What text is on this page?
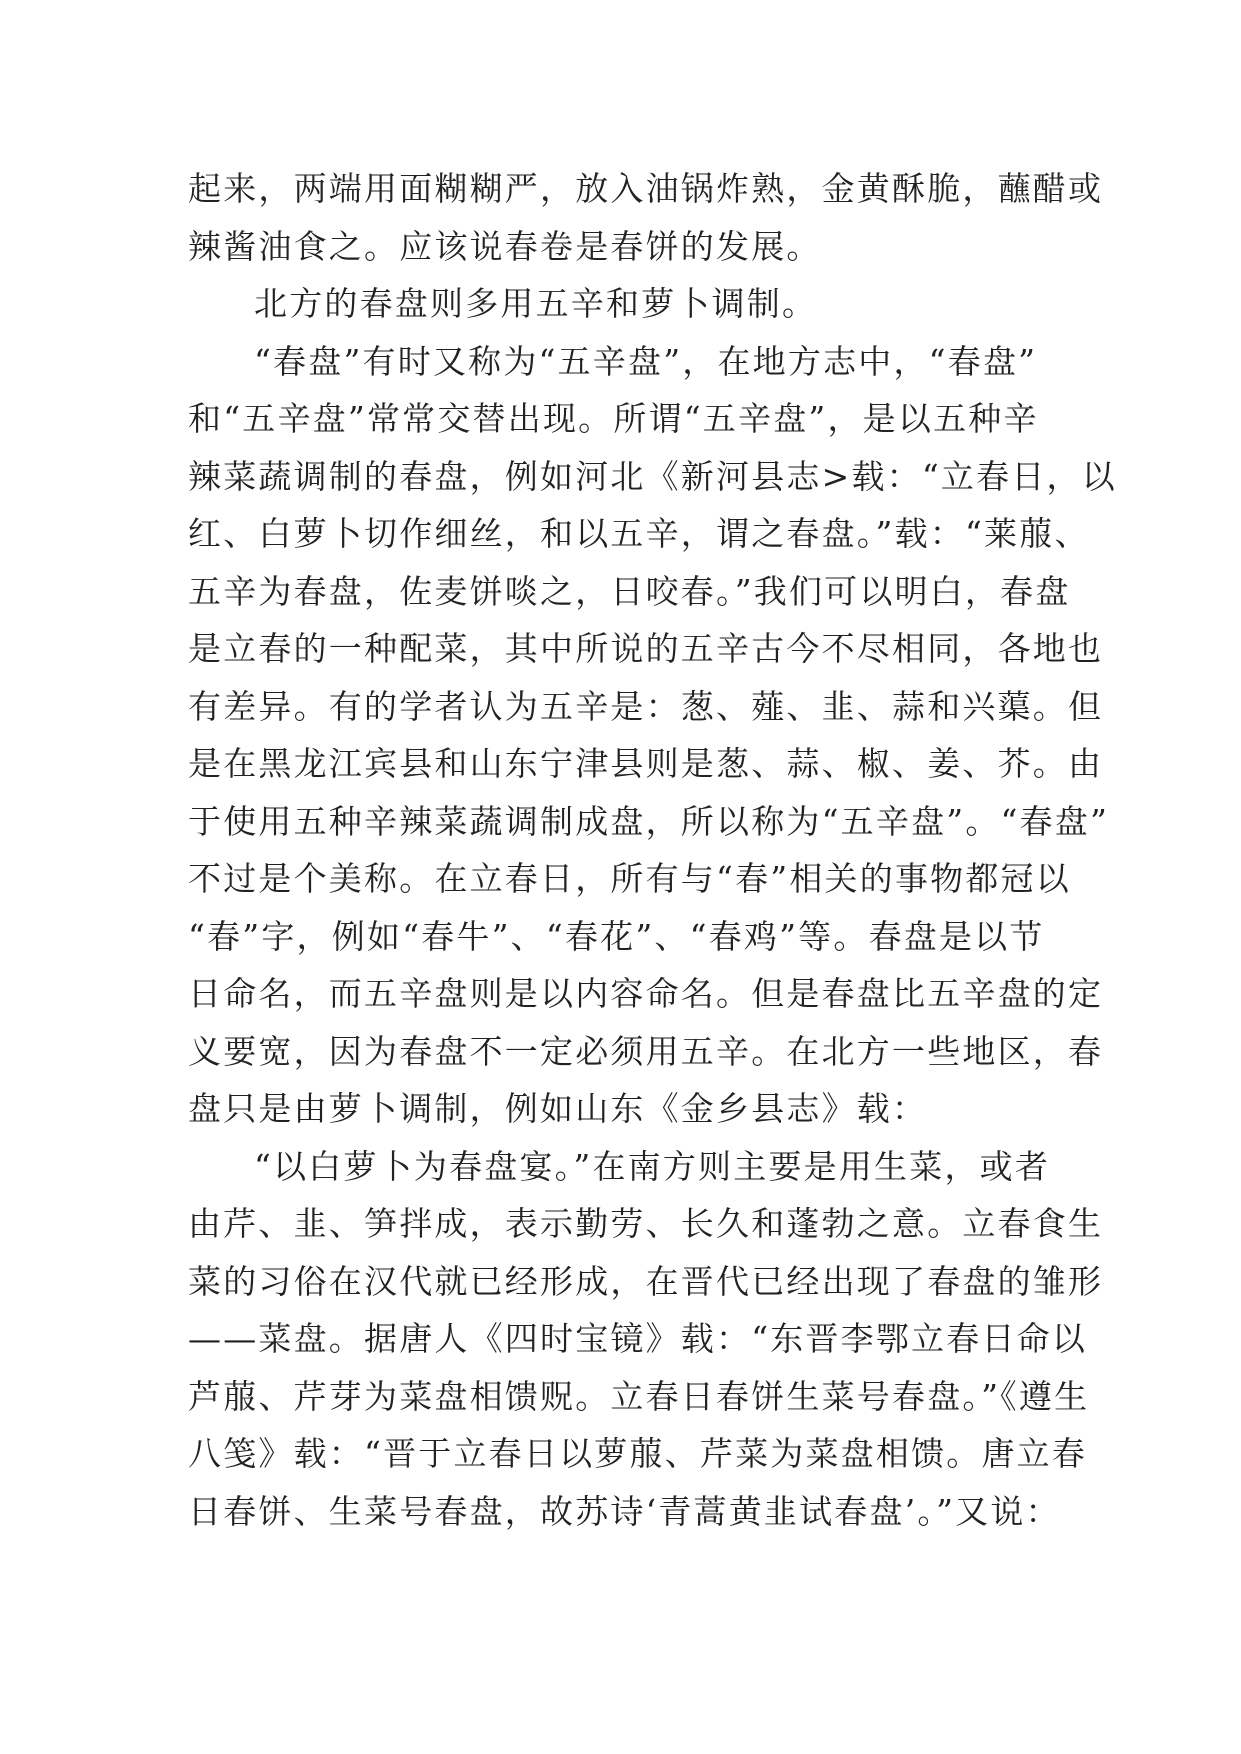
起来，两端用面糊糊严，放入油锅炸熟，金黄酥脆，蘸醋或
辣酱油食之。应该说春卷是春饼的发展。
北方的春盘则多用五辛和萝卜调制。
“春盘”有时又称为“五辛盘”，在地方志中，“春盘”
和“五辛盘”常常交替出现。所谓“五辛盘”，是以五种辛
辣菜蔬调制的春盘，例如河北《新河县志>载：“立春日，以
红、白萝卜切作细丝，和以五辛，谓之春盘。”载：“莱菔、
五辛为春盘，佐麦饼啖之，日咬春。”我们可以明白，春盘
是立春的一种配菜，其中所说的五辛古今不尽相同，各地也
有差异。有的学者认为五辛是：葱、薤、韭、蒜和兴蕖。但
是在黑龙江宾县和山东宁津县则是葱、蒜、椒、姜、芥。由
于使用五种辛辣菜蔬调制成盘，所以称为“五辛盘”。“春盘”
不过是个美称。在立春日，所有与“春”相关的事物都冠以
“春”字，例如“春牛”、“春花”、“春鸡”等。春盘是以节
日命名，而五辛盘则是以内容命名。但是春盘比五辛盘的定
义要宽，因为春盘不一定必须用五辛。在北方一些地区，春
盘只是由萝卜调制，例如山东《金乡县志》载：
“以白萝卜为春盘宴。”在南方则主要是用生菜，或者
由芹、韭、笋拌成，表示勤劳、长久和蓬勃之意。立春食生
菜的习俗在汉代就已经形成，在晋代已经出现了春盘的雏形
——菜盘。据唐人《四时宝镜》载：“东晋李鄂立春日命以
芦菔、芹芽为菜盘相馈贶。立春日春饼生菜号春盘。”《遵生
八笺》载：“晋于立春日以萝菔、芹菜为菜盘相馈。唐立春
日春饼、生菜号春盘，故苏诗‘青蒿黄韭试春盘’。”又说：
